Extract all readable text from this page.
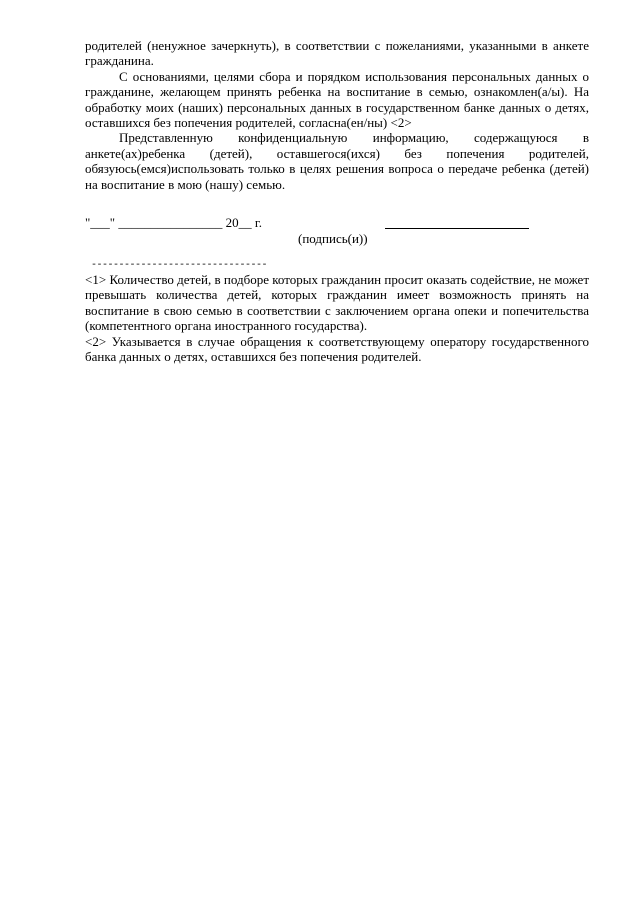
родителей (ненужное зачеркнуть), в соответствии с пожеланиями, указанными в анкете гражданина.

С основаниями, целями сбора и порядком использования персональных данных о гражданине, желающем принять ребенка на воспитание в семью, ознакомлен(а/ы). На обработку моих (наших) персональных данных в государственном банке данных о детях, оставшихся без попечения родителей, согласна(ен/ны) <2>

Представленную конфиденциальную информацию, содержащуюся в анкете(ах)ребенка (детей), оставшегося(ихся) без попечения родителей, обязуюсь(емся)использовать только в целях решения вопроса о передаче ребенка (детей) на воспитание в мою (нашу) семью.

"___" ________________ 20__ г.
(подпись(и))
--------------------------------

<1> Количество детей, в подборе которых гражданин просит оказать содействие, не может превышать количества детей, которых гражданин имеет возможность принять на воспитание в свою семью в соответствии с заключением органа опеки и попечительства (компетентного органа иностранного государства).

<2> Указывается в случае обращения к соответствующему оператору государственного банка данных о детях, оставшихся без попечения родителей.
